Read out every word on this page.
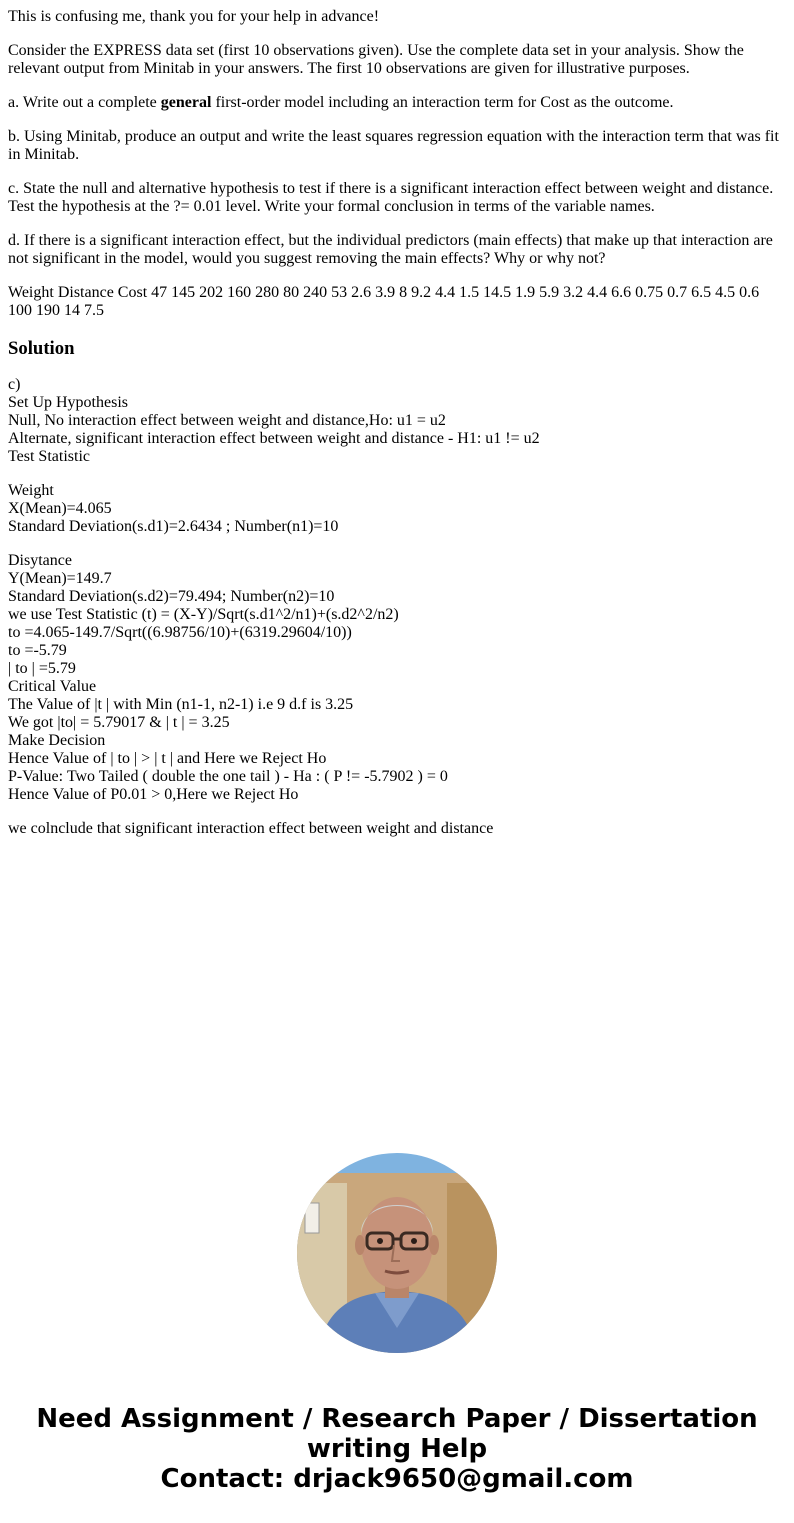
This is confusing me, thank you for your help in advance!

Consider the EXPRESS data set (first 10 observations given). Use the complete data set in your analysis. Show the relevant output from Minitab in your answers. The first 10 observations are given for illustrative purposes.

a. Write out a complete general first-order model including an interaction term for Cost as the outcome.

b. Using Minitab, produce an output and write the least squares regression equation with the interaction term that was fit in Minitab.

c. State the null and alternative hypothesis to test if there is a significant interaction effect between weight and distance. Test the hypothesis at the ?= 0.01 level. Write your formal conclusion in terms of the variable names.

d. If there is a significant interaction effect, but the individual predictors (main effects) that make up that interaction are not significant in the model, would you suggest removing the main effects? Why or why not?

Weight Distance Cost 47 145 202 160 280 80 240 53 2.6 3.9 8 9.2 4.4 1.5 14.5 1.9 5.9 3.2 4.4 6.6 0.75 0.7 6.5 4.5 0.6 100 190 14 7.5

Solution

c)
Set Up Hypothesis
Null, No interaction effect between weight and distance,Ho: u1 = u2
Alternate, significant interaction effect between weight and distance - H1: u1 != u2
Test Statistic

Weight
X(Mean)=4.065
Standard Deviation(s.d1)=2.6434 ; Number(n1)=10

Disytance
Y(Mean)=149.7
Standard Deviation(s.d2)=79.494; Number(n2)=10
we use Test Statistic (t) = (X-Y)/Sqrt(s.d1^2/n1)+(s.d2^2/n2)
to =4.065-149.7/Sqrt((6.98756/10)+(6319.29604/10))
to =-5.79
| to | =5.79
Critical Value
The Value of |t | with Min (n1-1, n2-1) i.e 9 d.f is 3.25
We got |to| = 5.79017 & | t | = 3.25
Make Decision
Hence Value of | to | > | t | and Here we Reject Ho
P-Value: Two Tailed ( double the one tail ) - Ha : ( P != -5.7902 ) = 0
Hence Value of P0.01 > 0,Here we Reject Ho

we colnclude that significant interaction effect between weight and distance

Need Assignment / Research Paper / Dissertation
writing Help
Contact: drjack9650@gmail.com
